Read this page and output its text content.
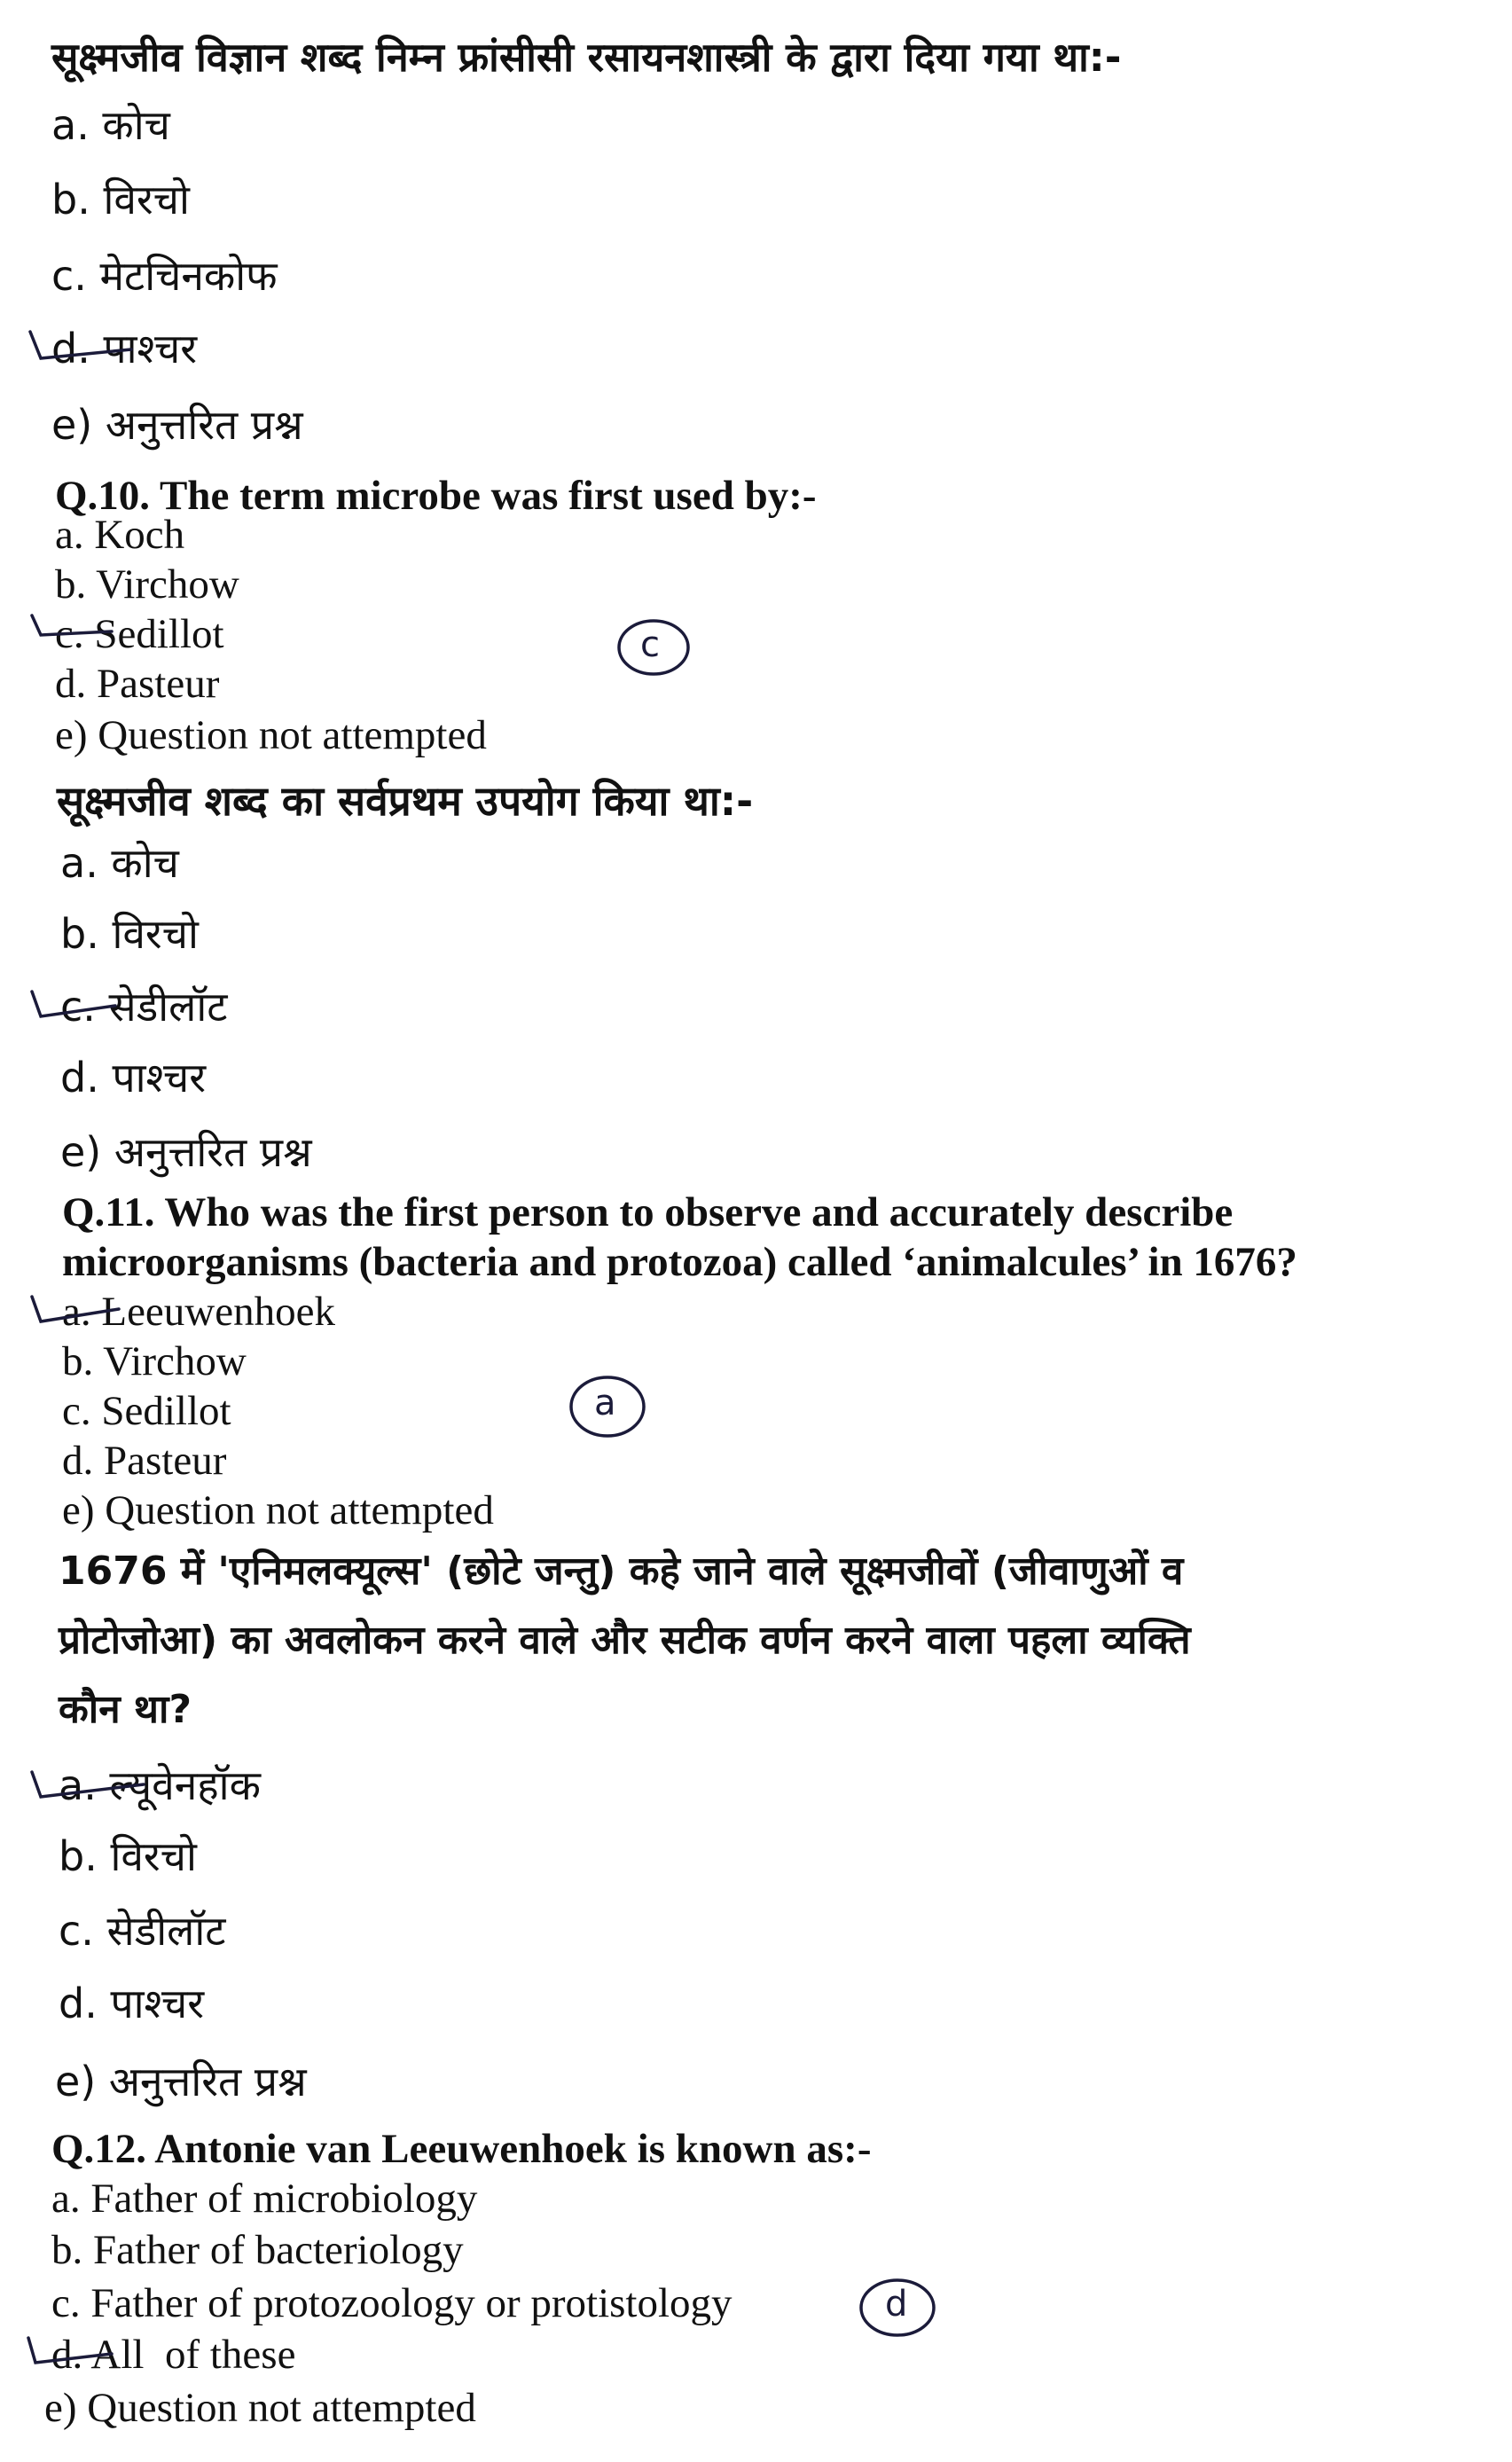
सूक्ष्मजीव विज्ञान शब्द निम्न फ्रांसीसी रसायनशास्त्री के द्वारा दिया गया था:-
a. कोच
b. विरचो
c. मेटचिनकोफ
d. पाश्चर
e) अनुत्तरित प्रश्न
Q.10. The term microbe was first used by:-
a. Koch
b. Virchow
c. Sedillot
d. Pasteur
e) Question not attempted
सूक्ष्मजीव शब्द का सर्वप्रथम उपयोग किया था:-
a. कोच
b. विरचो
c. सेडीलॉट
d. पाश्चर
e) अनुत्तरित प्रश्न
Q.11. Who was the first person to observe and accurately describe
microorganisms (bacteria and protozoa) called ‘animalcules’ in 1676?
a. Leeuwenhoek
b. Virchow
c. Sedillot
d. Pasteur
e) Question not attempted
1676 में 'एनिमलक्यूल्स' (छोटे जन्तु) कहे जाने वाले सूक्ष्मजीवों (जीवाणुओं व
प्रोटोजोआ) का अवलोकन करने वाले और सटीक वर्णन करने वाला पहला व्यक्ति
कौन था?
a. ल्यूवेनहॉक
b. विरचो
c. सेडीलॉट
d. पाश्चर
e) अनुत्तरित प्रश्न
Q.12. Antonie van Leeuwenhoek is known as:-
a. Father of microbiology
b. Father of bacteriology
c. Father of protozoology or protistology
d. All  of these
e) Question not attempted
c
a
d
